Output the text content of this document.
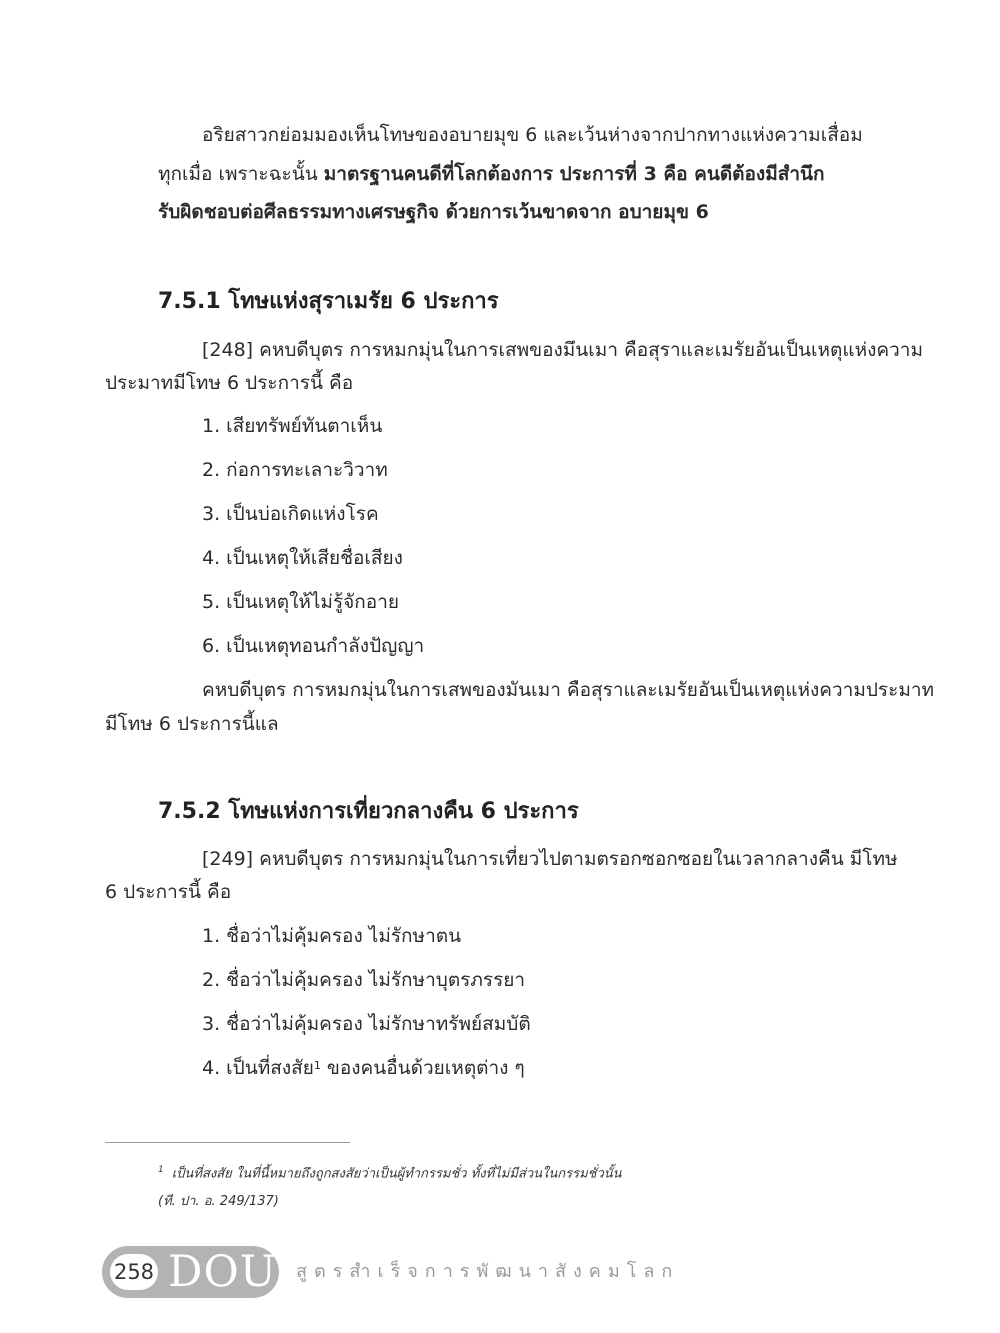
อริยสาวกย่อมมองเห็นโทษของอบายมุข 6 และเว้นห่างจากปากทางแห่งความเสื่อม
ทุกเมื่อ เพราะฉะนั้น มาตรฐานคนดีที่โลกต้องการ ประการที่ 3 คือ คนดีต้องมีสำนึก
รับผิดชอบต่อศีลธรรมทางเศรษฐกิจ ด้วยการเว้นขาดจาก อบายมุข 6
7.5.1 โทษแห่งสุราเมรัย 6 ประการ
[248] คหบดีบุตร การหมกมุ่นในการเสพของมึนเมา คือสุราและเมรัยอันเป็นเหตุแห่งความ
ประมาทมีโทษ 6 ประการนี้ คือ
1. เสียทรัพย์ทันตาเห็น
2. ก่อการทะเลาะวิวาท
3. เป็นบ่อเกิดแห่งโรค
4. เป็นเหตุให้เสียชื่อเสียง
5. เป็นเหตุให้ไม่รู้จักอาย
6. เป็นเหตุทอนกำลังปัญญา
คหบดีบุตร การหมกมุ่นในการเสพของมันเมา คือสุราและเมรัยอันเป็นเหตุแห่งความประมาท
มีโทษ 6 ประการนี้แล
7.5.2 โทษแห่งการเที่ยวกลางคืน 6 ประการ
[249] คหบดีบุตร การหมกมุ่นในการเที่ยวไปตามตรอกซอกซอยในเวลากลางคืน มีโทษ
6 ประการนี้ คือ
1. ชื่อว่าไม่คุ้มครอง ไม่รักษาตน
2. ชื่อว่าไม่คุ้มครอง ไม่รักษาบุตรภรรยา
3. ชื่อว่าไม่คุ้มครอง ไม่รักษาทรัพย์สมบัติ
4. เป็นที่สงสัย$^1$ ของคนอื่นด้วยเหตุต่าง ๆ
$^1$ เป็นที่สงสัย ในที่นี้หมายถึงถูกสงสัยว่าเป็นผู้ทำกรรมชั่ว ทั้งที่ไม่มีส่วนในกรรมชั่วนั้น
(ที. ปา. อ. 249/137)
258 DOU สูตรสำเร็จการพัฒนาสังคมโลก
